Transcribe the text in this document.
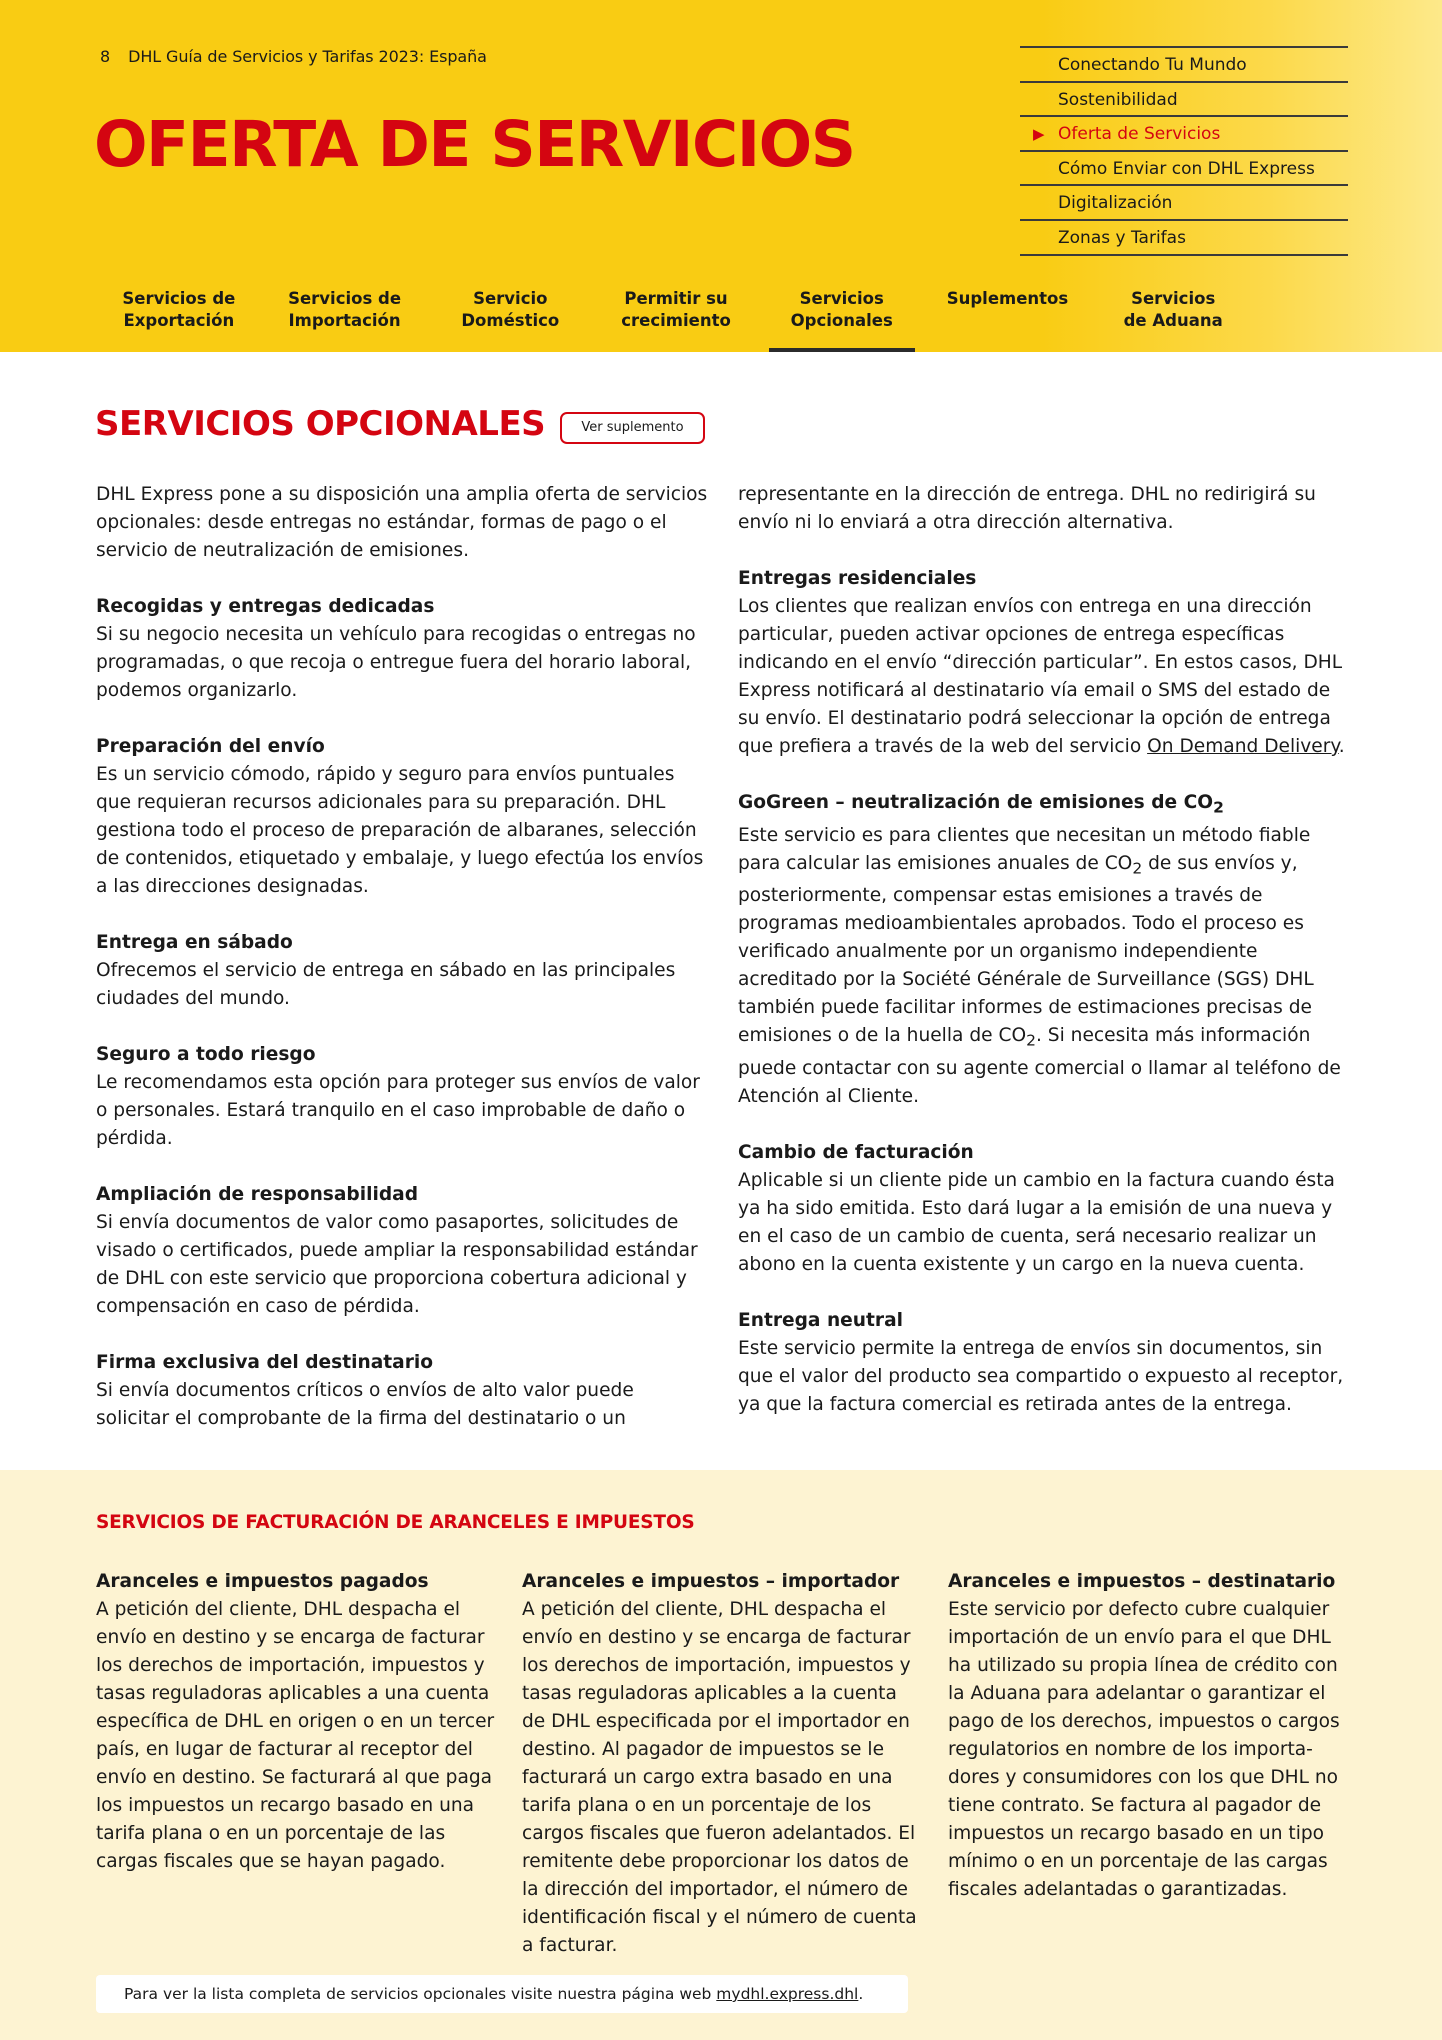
8 DHL Guía de Servicios y Tarifas 2023: España
OFERTA DE SERVICIOS
Conectando Tu Mundo
Sostenibilidad
▶ Oferta de Servicios
Cómo Enviar con DHL Express
Digitalización
Zonas y Tarifas
Servicios de
Exportación
Servicios de
Importación
Servicio
Doméstico
Permitir su
crecimiento
Servicios
Opcionales
Suplementos	Servicios
de Aduana
SERVICIOS OPCIONALES	Ver suplemento

DHL Express pone a su disposición una amplia oferta de servicios opcionales: desde entregas no estándar, formas de pago o el servicio de neutralización de emisiones.

Recogidas y entregas dedicadas

Si su negocio necesita un vehículo para recogidas o entregas no programadas, o que recoja o entregue fuera del horario laboral, podemos organizarlo.

Preparación del envío

Es un servicio cómodo, rápido y seguro para envíos puntuales que requieran recursos adicionales para su preparación. DHL gestiona todo el proceso de preparación de albaranes, selección de contenidos, etiquetado y embalaje, y luego efectúa los envíos a las direcciones designadas.

Entrega en sábado

Ofrecemos el servicio de entrega en sábado en las principales ciudades del mundo.

Seguro a todo riesgo

Le recomendamos esta opción para proteger sus envíos de valor o personales. Estará tranquilo en el caso improbable de daño o pérdida.

Ampliación de responsabilidad

Si envía documentos de valor como pasaportes, solicitudes de visado o certificados, puede ampliar la responsabilidad estándar de DHL con este servicio que proporciona cobertura adicional y compensación en caso de pérdida.

Firma exclusiva del destinatario

Si envía documentos críticos o envíos de alto valor puede solicitar el comprobante de la firma del destinatario o un

representante en la dirección de entrega. DHL no redirigirá su envío ni lo enviará a otra dirección alternativa.

Entregas residenciales

Los clientes que realizan envíos con entrega en una dirección particular, pueden activar opciones de entrega específicas indicando en el envío “dirección particular”. En estos casos, DHL Express notificará al destinatario vía email o SMS del estado de su envío. El destinatario podrá seleccionar la opción de entrega que prefiera a través de la web del servicio On Demand Delivery.

GoGreen – neutralización de emisiones de $CO_2$

Este servicio es para clientes que necesitan un método fiable para calcular las emisiones anuales de $CO_2$ de sus envíos y, posteriormente, compensar estas emisiones a través de programas medioambientales aprobados. Todo el proceso es verificado anualmente por un organismo independiente acreditado por la Société Générale de Surveillance (SGS) DHL también puede facilitar informes de estimaciones precisas de emisiones o de la huella de $CO_2$. Si necesita más información puede contactar con su agente comercial o llamar al teléfono de Atención al Cliente.

Cambio de facturación

Aplicable si un cliente pide un cambio en la factura cuando ésta ya ha sido emitida. Esto dará lugar a la emisión de una nueva y en el caso de un cambio de cuenta, será necesario realizar un abono en la cuenta existente y un cargo en la nueva cuenta.

Entrega neutral

Este servicio permite la entrega de envíos sin documentos, sin que el valor del producto sea compartido o expuesto al receptor, ya que la factura comercial es retirada antes de la entrega.

SERVICIOS DE FACTURACIÓN DE ARANCELES E IMPUESTOS
Aranceles e impuestos pagados

A petición del cliente, DHL despacha el envío en destino y se encarga de facturar los derechos de importación, impuestos y tasas reguladoras aplicables a una cuenta específica de DHL en origen o en un tercer país, en lugar de facturar al receptor del envío en destino. Se facturará al que paga los impuestos un recargo basado en una tarifa plana o en un porcentaje de las cargas fiscales que se hayan pagado.

Aranceles e impuestos – importador

A petición del cliente, DHL despacha el envío en destino y se encarga de facturar los derechos de importación, impuestos y tasas reguladoras aplicables a la cuenta de DHL especificada por el importador en destino. Al pagador de impuestos se le facturará un cargo extra basado en una tarifa plana o en un porcentaje de los cargos fiscales que fueron adelantados. El remitente debe proporcionar los datos de la dirección del importador, el número de identificación fiscal y el número de cuenta a facturar.

Aranceles e impuestos – destinatario

Este servicio por defecto cubre cualquier importación de un envío para el que DHL ha utilizado su propia línea de crédito con la Aduana para adelantar o garantizar el pago de los derechos, impuestos o cargos regulatorios en nombre de los importa-dores y consumidores con los que DHL no tiene contrato. Se factura al pagador de impuestos un recargo basado en un tipo mínimo o en un porcentaje de las cargas fiscales adelantadas o garantizadas.

Para ver la lista completa de servicios opcionales visite nuestra página web mydhl.express.dhl.
